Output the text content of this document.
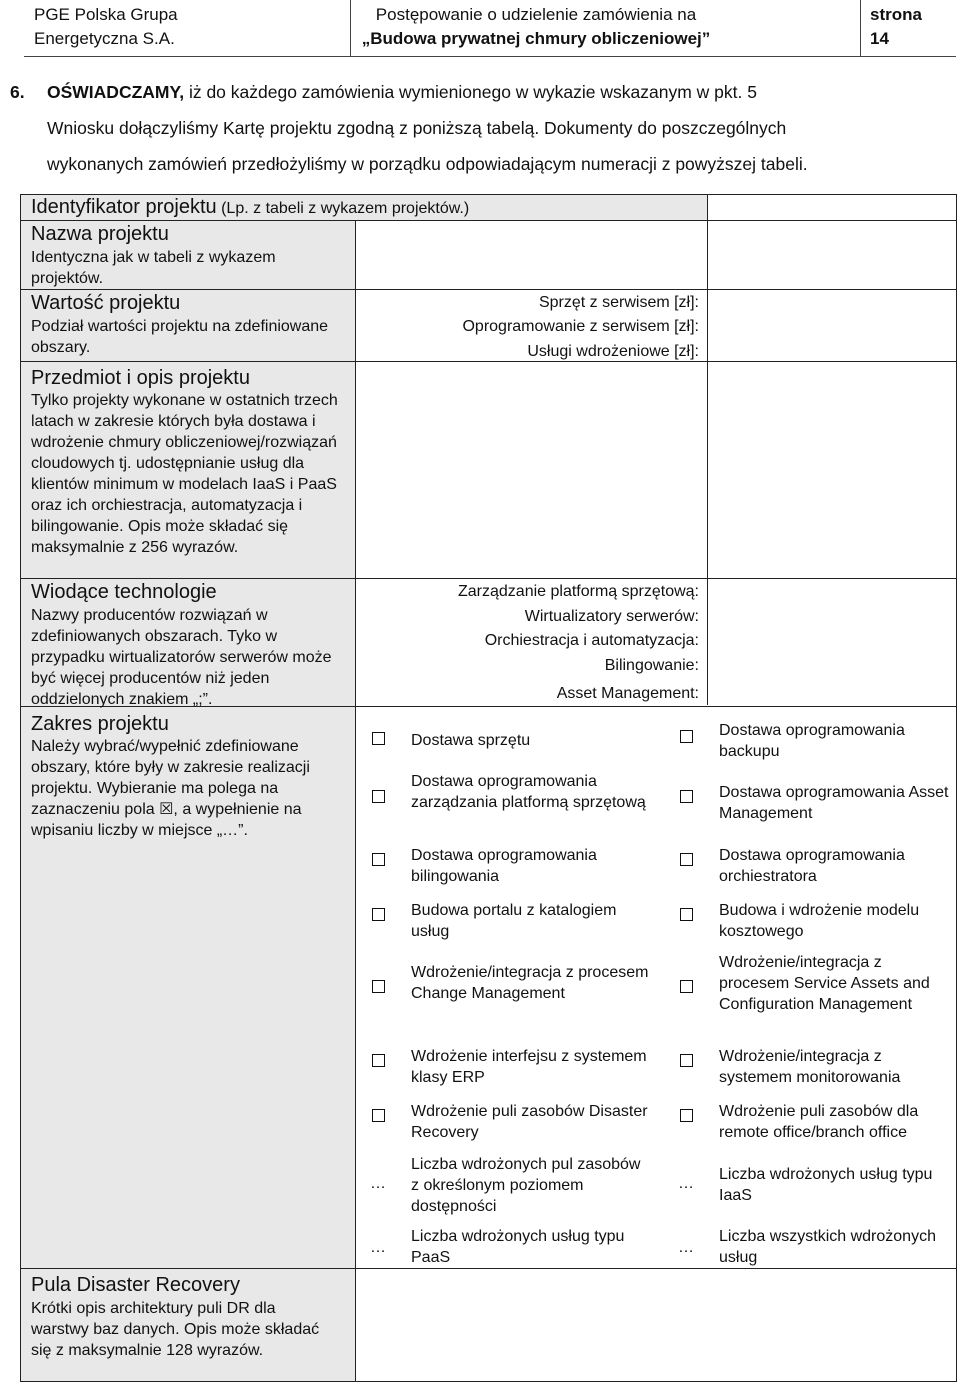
PGE Polska Grupa
Energetyczna S.A.
Postępowanie o udzielenie zamówienia na
„Budowa prywatnej chmury obliczeniowej”
strona
14
6. OŚWIADCZAMY, iż do każdego zamówienia wymienionego w wykazie wskazanym w pkt. 5
Wniosku dołączyliśmy Kartę projektu zgodną z poniższą tabelą. Dokumenty do poszczególnych
wykonanych zamówień przedłożyliśmy w porządku odpowiadającym numeracji z powyższej tabeli.
Identyfikator projektu (Lp. z tabeli z wykazem projektów.)
Nazwa projektu
Identyczna jak w tabeli z wykazem projektów.
Wartość projektu
Podział wartości projektu na zdefiniowane obszary.
Sprzęt z serwisem [zł]:
Oprogramowanie z serwisem [zł]:
Usługi wdrożeniowe [zł]:
Przedmiot i opis projektu
Tylko projekty wykonane w ostatnich trzech latach w zakresie których była dostawa i wdrożenie chmury obliczeniowej/rozwiązań cloudowych tj. udostępnianie usług dla klientów minimum w modelach IaaS i PaaS oraz ich orchiestracja, automatyzacja i bilingowanie. Opis może składać się maksymalnie z 256 wyrazów.
Wiodące technologie
Nazwy producentów rozwiązań w zdefiniowanych obszarach. Tyko w przypadku wirtualizatorów serwerów może być więcej producentów niż jeden oddzielonych znakiem „;”.
Zarządzanie platformą sprzętową:
Wirtualizatory serwerów:
Orchiestracja i automatyzacja:
Bilingowanie:
Asset Management:
Zakres projektu
Należy wybrać/wypełnić zdefiniowane obszary, które były w zakresie realizacji projektu. Wybieranie ma polega na zaznaczeniu pola ☒, a wypełnienie na wpisaniu liczby w miejsce „…”.
Dostawa sprzętu
Dostawa oprogramowania zarządzania platformą sprzętową
Dostawa oprogramowania bilingowania
Budowa portalu z katalogiem usług
Wdrożenie/integracja z procesem Change Management
Wdrożenie interfejsu z systemem klasy ERP
Wdrożenie puli zasobów Disaster Recovery
…
Liczba wdrożonych pul zasobów z określonym poziomem dostępności
…
Liczba wdrożonych usług typu PaaS
Dostawa oprogramowania backupu
Dostawa oprogramowania Asset Management
Dostawa oprogramowania orchiestratora
Budowa i wdrożenie modelu kosztowego
Wdrożenie/integracja z procesem Service Assets and Configuration Management
Wdrożenie/integracja z systemem monitorowania
Wdrożenie puli zasobów dla remote office/branch office
…
Liczba wdrożonych usług typu IaaS
…
Liczba wszystkich wdrożonych usług
Pula Disaster Recovery
Krótki opis architektury puli DR dla warstwy baz danych. Opis może składać się z maksymalnie 128 wyrazów.
